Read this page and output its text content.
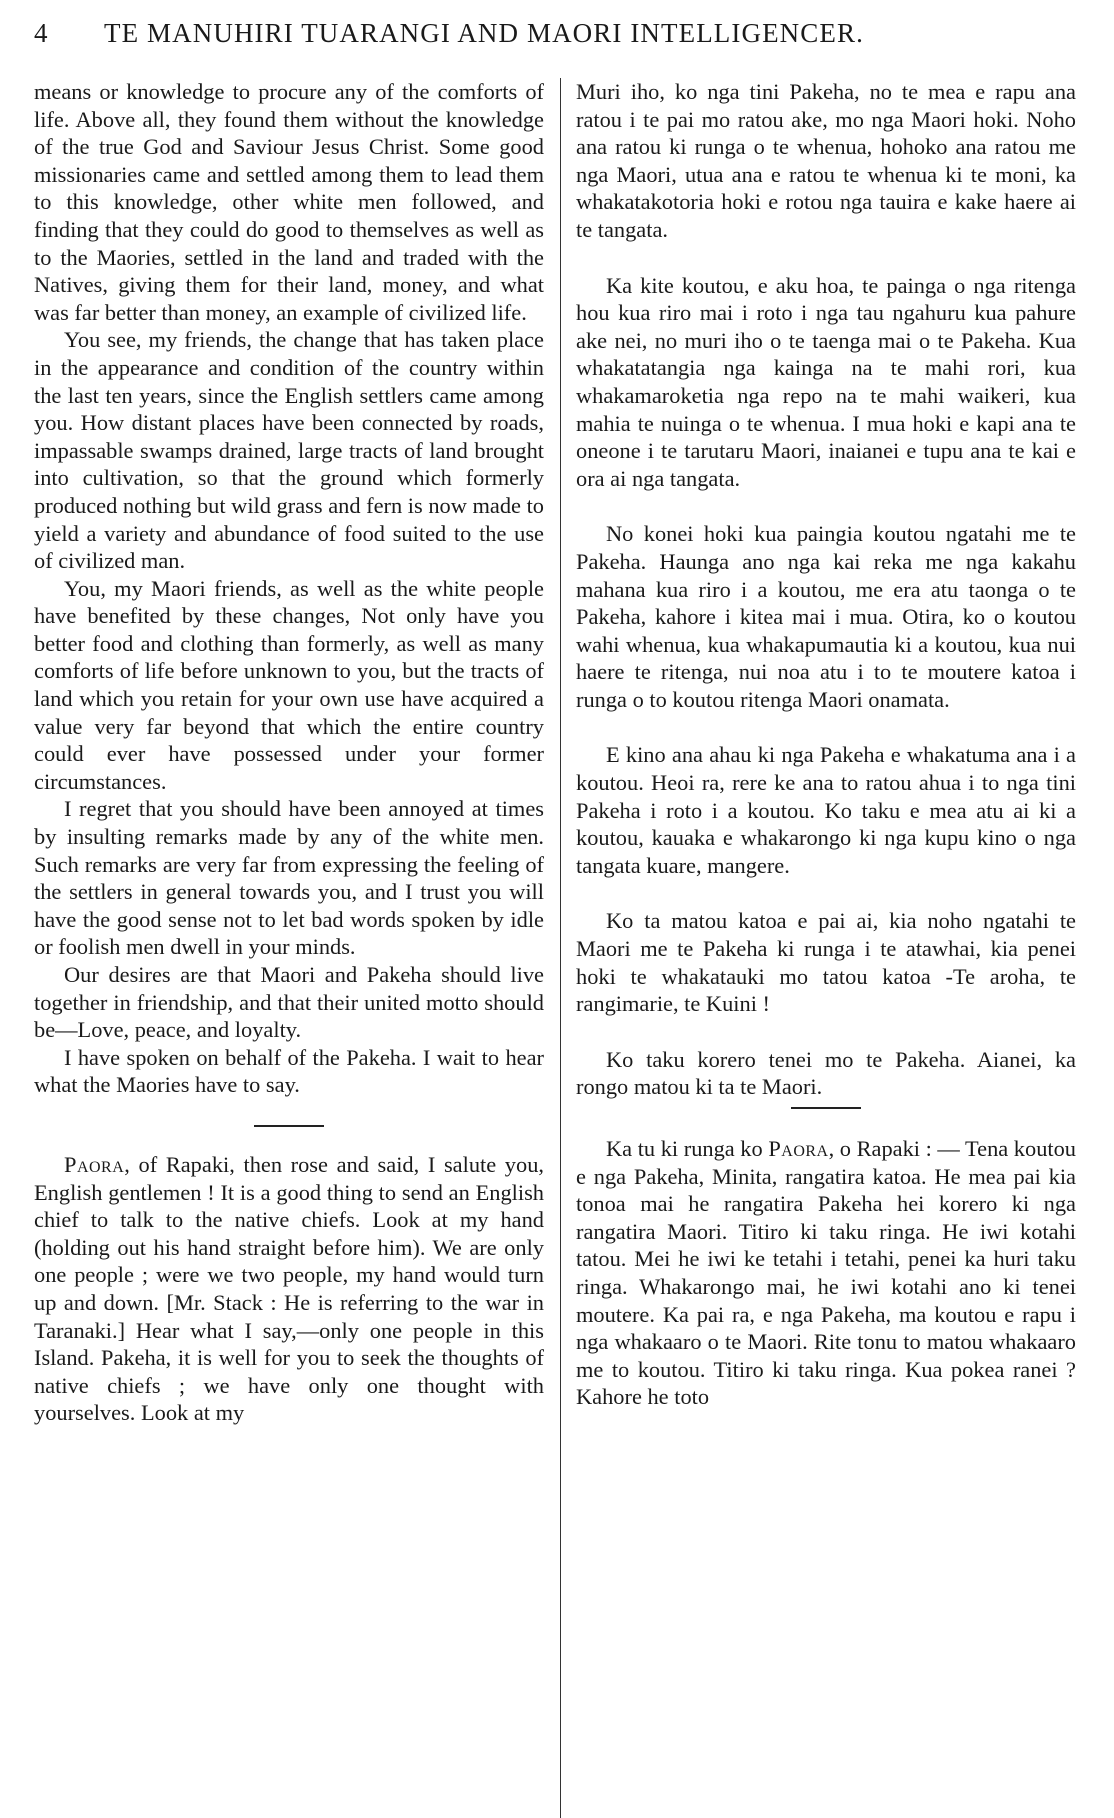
4	TE MANUHIRI TUARANGI AND MAORI INTELLIGENCER.

means or knowledge to procure any of the comforts of life. Above all, they found them without the knowledge of the true God and Saviour Jesus Christ. Some good missionaries came and settled among them to lead them to this knowledge, other white men followed, and finding that they could do good to themselves as well as to the Maories, settled in the land and traded with the Natives, giving them for their land, money, and what was far better than money, an example of civilized life.

You see, my friends, the change that has taken place in the appearance and condition of the country within the last ten years, since the English settlers came among you. How distant places have been connected by roads, impassable swamps drained, large tracts of land brought into cultivation, so that the ground which formerly produced nothing but wild grass and fern is now made to yield a variety and abundance of food suited to the use of civilized man.

You, my Maori friends, as well as the white people have benefited by these changes, Not only have you better food and clothing than formerly, as well as many comforts of life before unknown to you, but the tracts of land which you retain for your own use have acquired a value very far beyond that which the entire country could ever have possessed under your former circumstances.

I regret that you should have been annoyed at times by insulting remarks made by any of the white men. Such remarks are very far from expressing the feeling of the settlers in general towards you, and I trust you will have the good sense not to let bad words spoken by idle or foolish men dwell in your minds.

Our desires are that Maori and Pakeha should live together in friendship, and that their united motto should be—Love, peace, and loyalty.

I have spoken on behalf of the Pakeha. I wait to hear what the Maories have to say.

Paora, of Rapaki, then rose and said, I salute you, English gentlemen ! It is a good thing to send an English chief to talk to the native chiefs. Look at my hand (holding out his hand straight before him). We are only one people ; were we two people, my hand would turn up and down. [Mr. Stack : He is referring to the war in Taranaki.] Hear what I say,—only one people in this Island. Pakeha, it is well for you to seek the thoughts of native chiefs ; we have only one thought with yourselves. Look at my

Muri iho, ko nga tini Pakeha, no te mea e rapu ana ratou i te pai mo ratou ake, mo nga Maori hoki. Noho ana ratou ki runga o te whenua, hohoko ana ratou me nga Maori, utua ana e ratou te whenua ki te moni, ka whakatakotoria hoki e rotou nga tauira e kake haere ai te tangata.

Ka kite koutou, e aku hoa, te painga o nga ritenga hou kua riro mai i roto i nga tau ngahuru kua pahure ake nei, no muri iho o te taenga mai o te Pakeha. Kua whakatatangia nga kainga na te mahi rori, kua whakamaroketia nga repo na te mahi waikeri, kua mahia te nuinga o te whenua. I mua hoki e kapi ana te oneone i te tarutaru Maori, inaianei e tupu ana te kai e ora ai nga tangata.

No konei hoki kua paingia koutou ngatahi me te Pakeha. Haunga ano nga kai reka me nga kakahu mahana kua riro i a koutou, me era atu taonga o te Pakeha, kahore i kitea mai i mua. Otira, ko o koutou wahi whenua, kua whakapumautia ki a koutou, kua nui haere te ritenga, nui noa atu i to te moutere katoa i runga o to koutou ritenga Maori onamata.

E kino ana ahau ki nga Pakeha e whakatuma ana i a koutou. Heoi ra, rere ke ana to ratou ahua i to nga tini Pakeha i roto i a koutou. Ko taku e mea atu ai ki a koutou, kauaka e whakarongo ki nga kupu kino o nga tangata kuare, mangere.

Ko ta matou katoa e pai ai, kia noho ngatahi te Maori me te Pakeha ki runga i te atawhai, kia penei hoki te whakatauki mo tatou katoa -Te aroha, te rangimarie, te Kuini !

Ko taku korero tenei mo te Pakeha. Aianei, ka rongo matou ki ta te Maori.

Ka tu ki runga ko Paora, o Rapaki : — Tena koutou e nga Pakeha, Minita, rangatira katoa. He mea pai kia tonoa mai he rangatira Pakeha hei korero ki nga rangatira Maori. Titiro ki taku ringa. He iwi kotahi tatou. Mei he iwi ke tetahi i tetahi, penei ka huri taku ringa. Whakarongo mai, he iwi kotahi ano ki tenei moutere. Ka pai ra, e nga Pakeha, ma koutou e rapu i nga whakaaro o te Maori. Rite tonu to matou whakaaro me to koutou. Titiro ki taku ringa. Kua pokea ranei ? Kahore he toto
